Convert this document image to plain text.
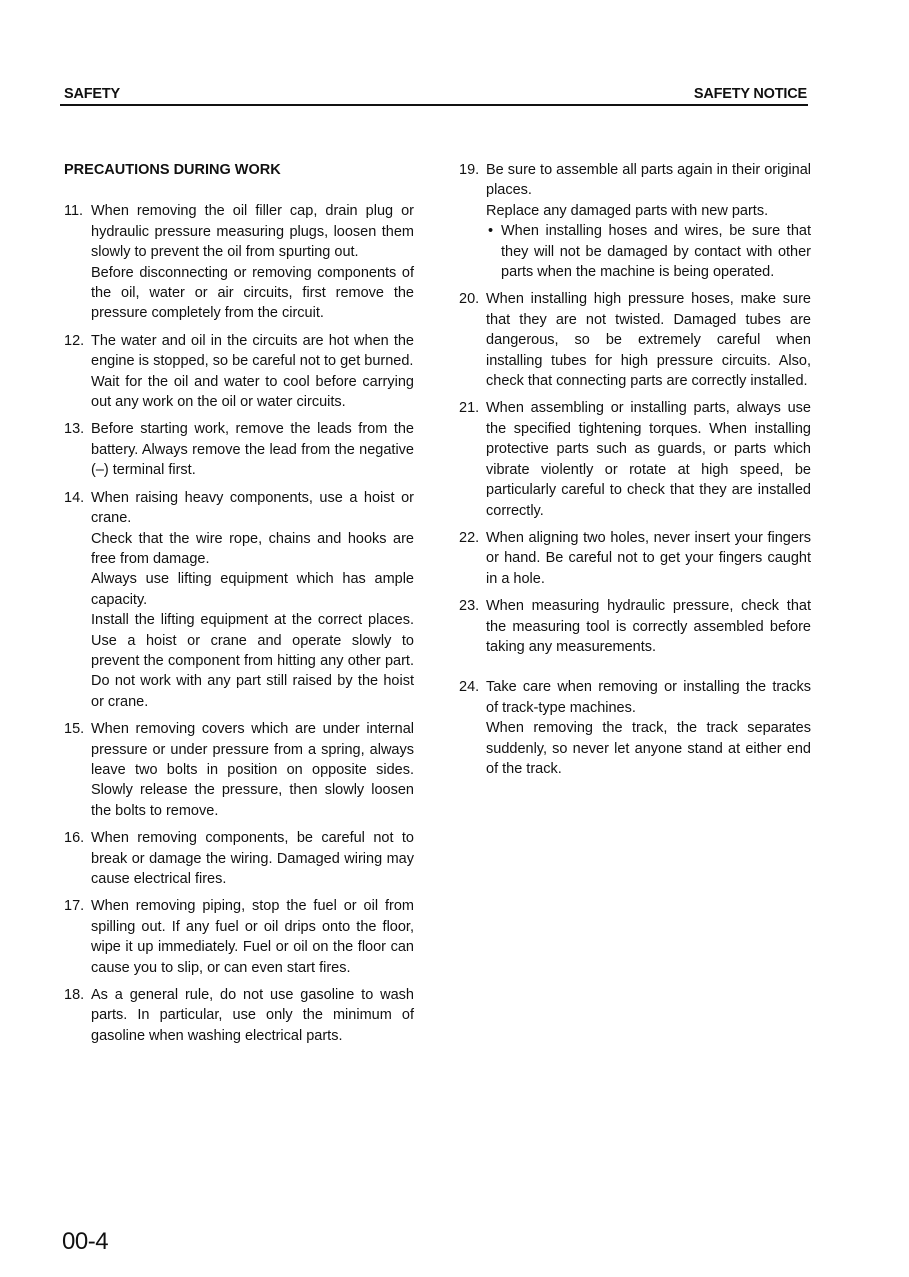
SAFETY	SAFETY NOTICE
PRECAUTIONS DURING WORK
11. When removing the oil filler cap, drain plug or hydraulic pressure measuring plugs, loosen them slowly to prevent the oil from spurting out.

Before disconnecting or removing components of the oil, water or air circuits, first remove the pressure completely from the circuit.

12. The water and oil in the circuits are hot when the engine is stopped, so be careful not to get burned.

Wait for the oil and water to cool before carrying out any work on the oil or water circuits.

13. Before starting work, remove the leads from the battery. Always remove the lead from the negative (–) terminal first.

14. When raising heavy components, use a hoist or crane.

Check that the wire rope, chains and hooks are free from damage.

Always use lifting equipment which has ample capacity.

Install the lifting equipment at the correct places. Use a hoist or crane and operate slowly to prevent the component from hitting any other part. Do not work with any part still raised by the hoist or crane.

15. When removing covers which are under internal pressure or under pressure from a spring, always leave two bolts in position on opposite sides. Slowly release the pressure, then slowly loosen the bolts to remove.

16. When removing components, be careful not to break or damage the wiring. Damaged wiring may cause electrical fires.

17. When removing piping, stop the fuel or oil from spilling out. If any fuel or oil drips onto the floor, wipe it up immediately. Fuel or oil on the floor can cause you to slip, or can even start fires.

18. As a general rule, do not use gasoline to wash parts. In particular, use only the minimum of gasoline when washing electrical parts.

19. Be sure to assemble all parts again in their original places.

Replace any damaged parts with new parts.

• When installing hoses and wires, be sure that they will not be damaged by contact with other parts when the machine is being operated.
20. When installing high pressure hoses, make sure that they are not twisted. Damaged tubes are dangerous, so be extremely careful when installing tubes for high pressure circuits. Also, check that connecting parts are correctly installed.

21. When assembling or installing parts, always use the specified tightening torques. When installing protective parts such as guards, or parts which vibrate violently or rotate at high speed, be particularly careful to check that they are installed correctly.

22. When aligning two holes, never insert your fingers or hand. Be careful not to get your fingers caught in a hole.

23. When measuring hydraulic pressure, check that the measuring tool is correctly assembled before taking any measurements.

24. Take care when removing or installing the tracks of track-type machines.

When removing the track, the track separates suddenly, so never let anyone stand at either end of the track.

00-4
